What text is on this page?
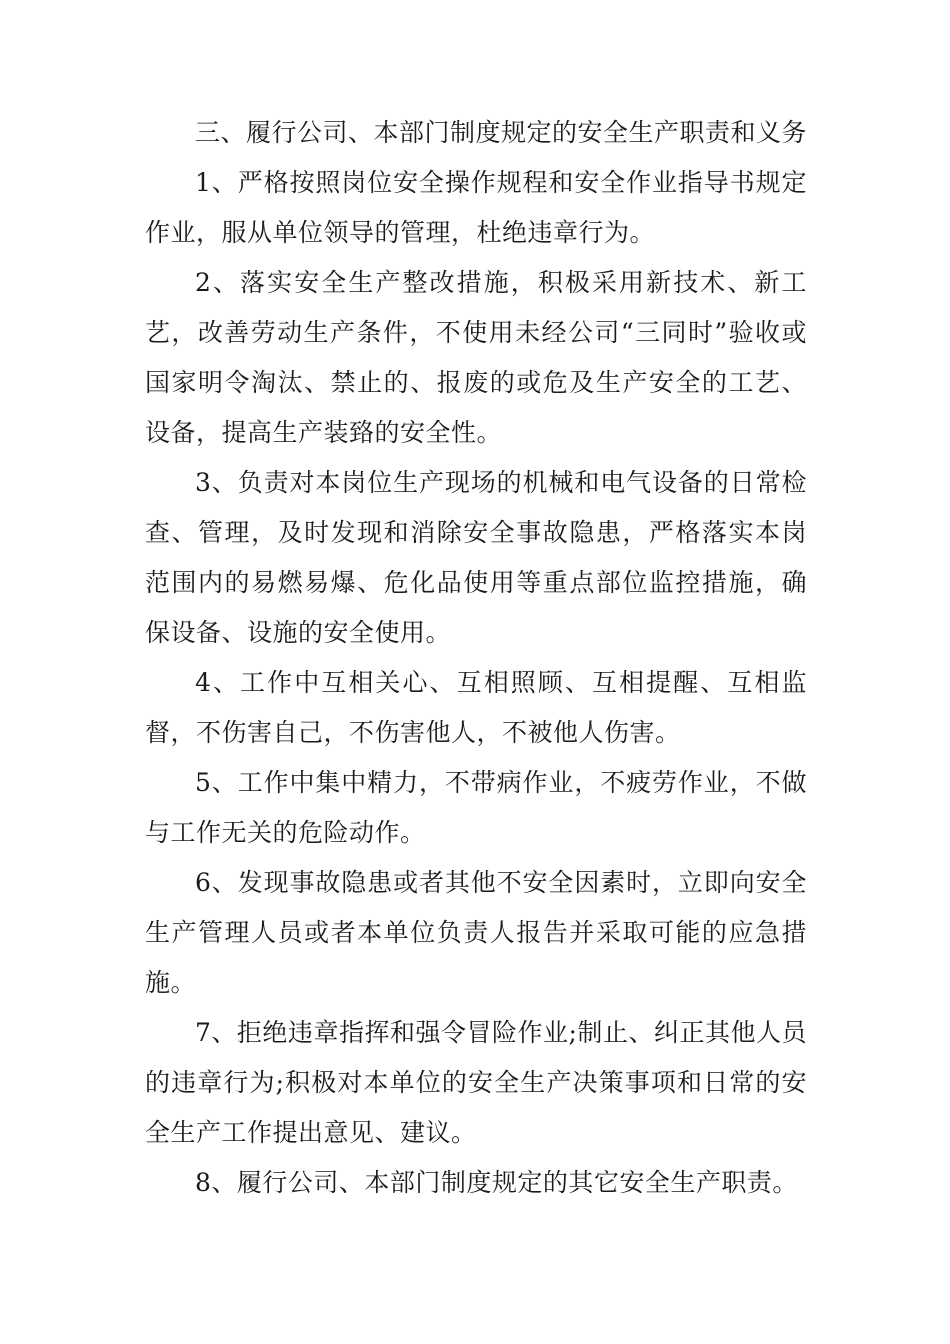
三、履行公司、本部门制度规定的安全生产职责和义务

1、严格按照岗位安全操作规程和安全作业指导书规定作业，服从单位领导的管理，杜绝违章行为。

2、落实安全生产整改措施，积极采用新技术、新工艺，改善劳动生产条件，不使用未经公司“三同时”验收或国家明令淘汰、禁止的、报废的或危及生产安全的工艺、设备，提高生产装臵的安全性。

3、负责对本岗位生产现场的机械和电气设备的日常检查、管理，及时发现和消除安全事故隐患，严格落实本岗范围内的易燃易爆、危化品使用等重点部位监控措施，确保设备、设施的安全使用。

4、工作中互相关心、互相照顾、互相提醒、互相监督，不伤害自己，不伤害他人，不被他人伤害。

5、工作中集中精力，不带病作业，不疲劳作业，不做与工作无关的危险动作。

6、发现事故隐患或者其他不安全因素时，立即向安全生产管理人员或者本单位负责人报告并采取可能的应急措施。

7、拒绝违章指挥和强令冒险作业;制止、纠正其他人员的违章行为;积极对本单位的安全生产决策事项和日常的安全生产工作提出意见、建议。

8、履行公司、本部门制度规定的其它安全生产职责。
